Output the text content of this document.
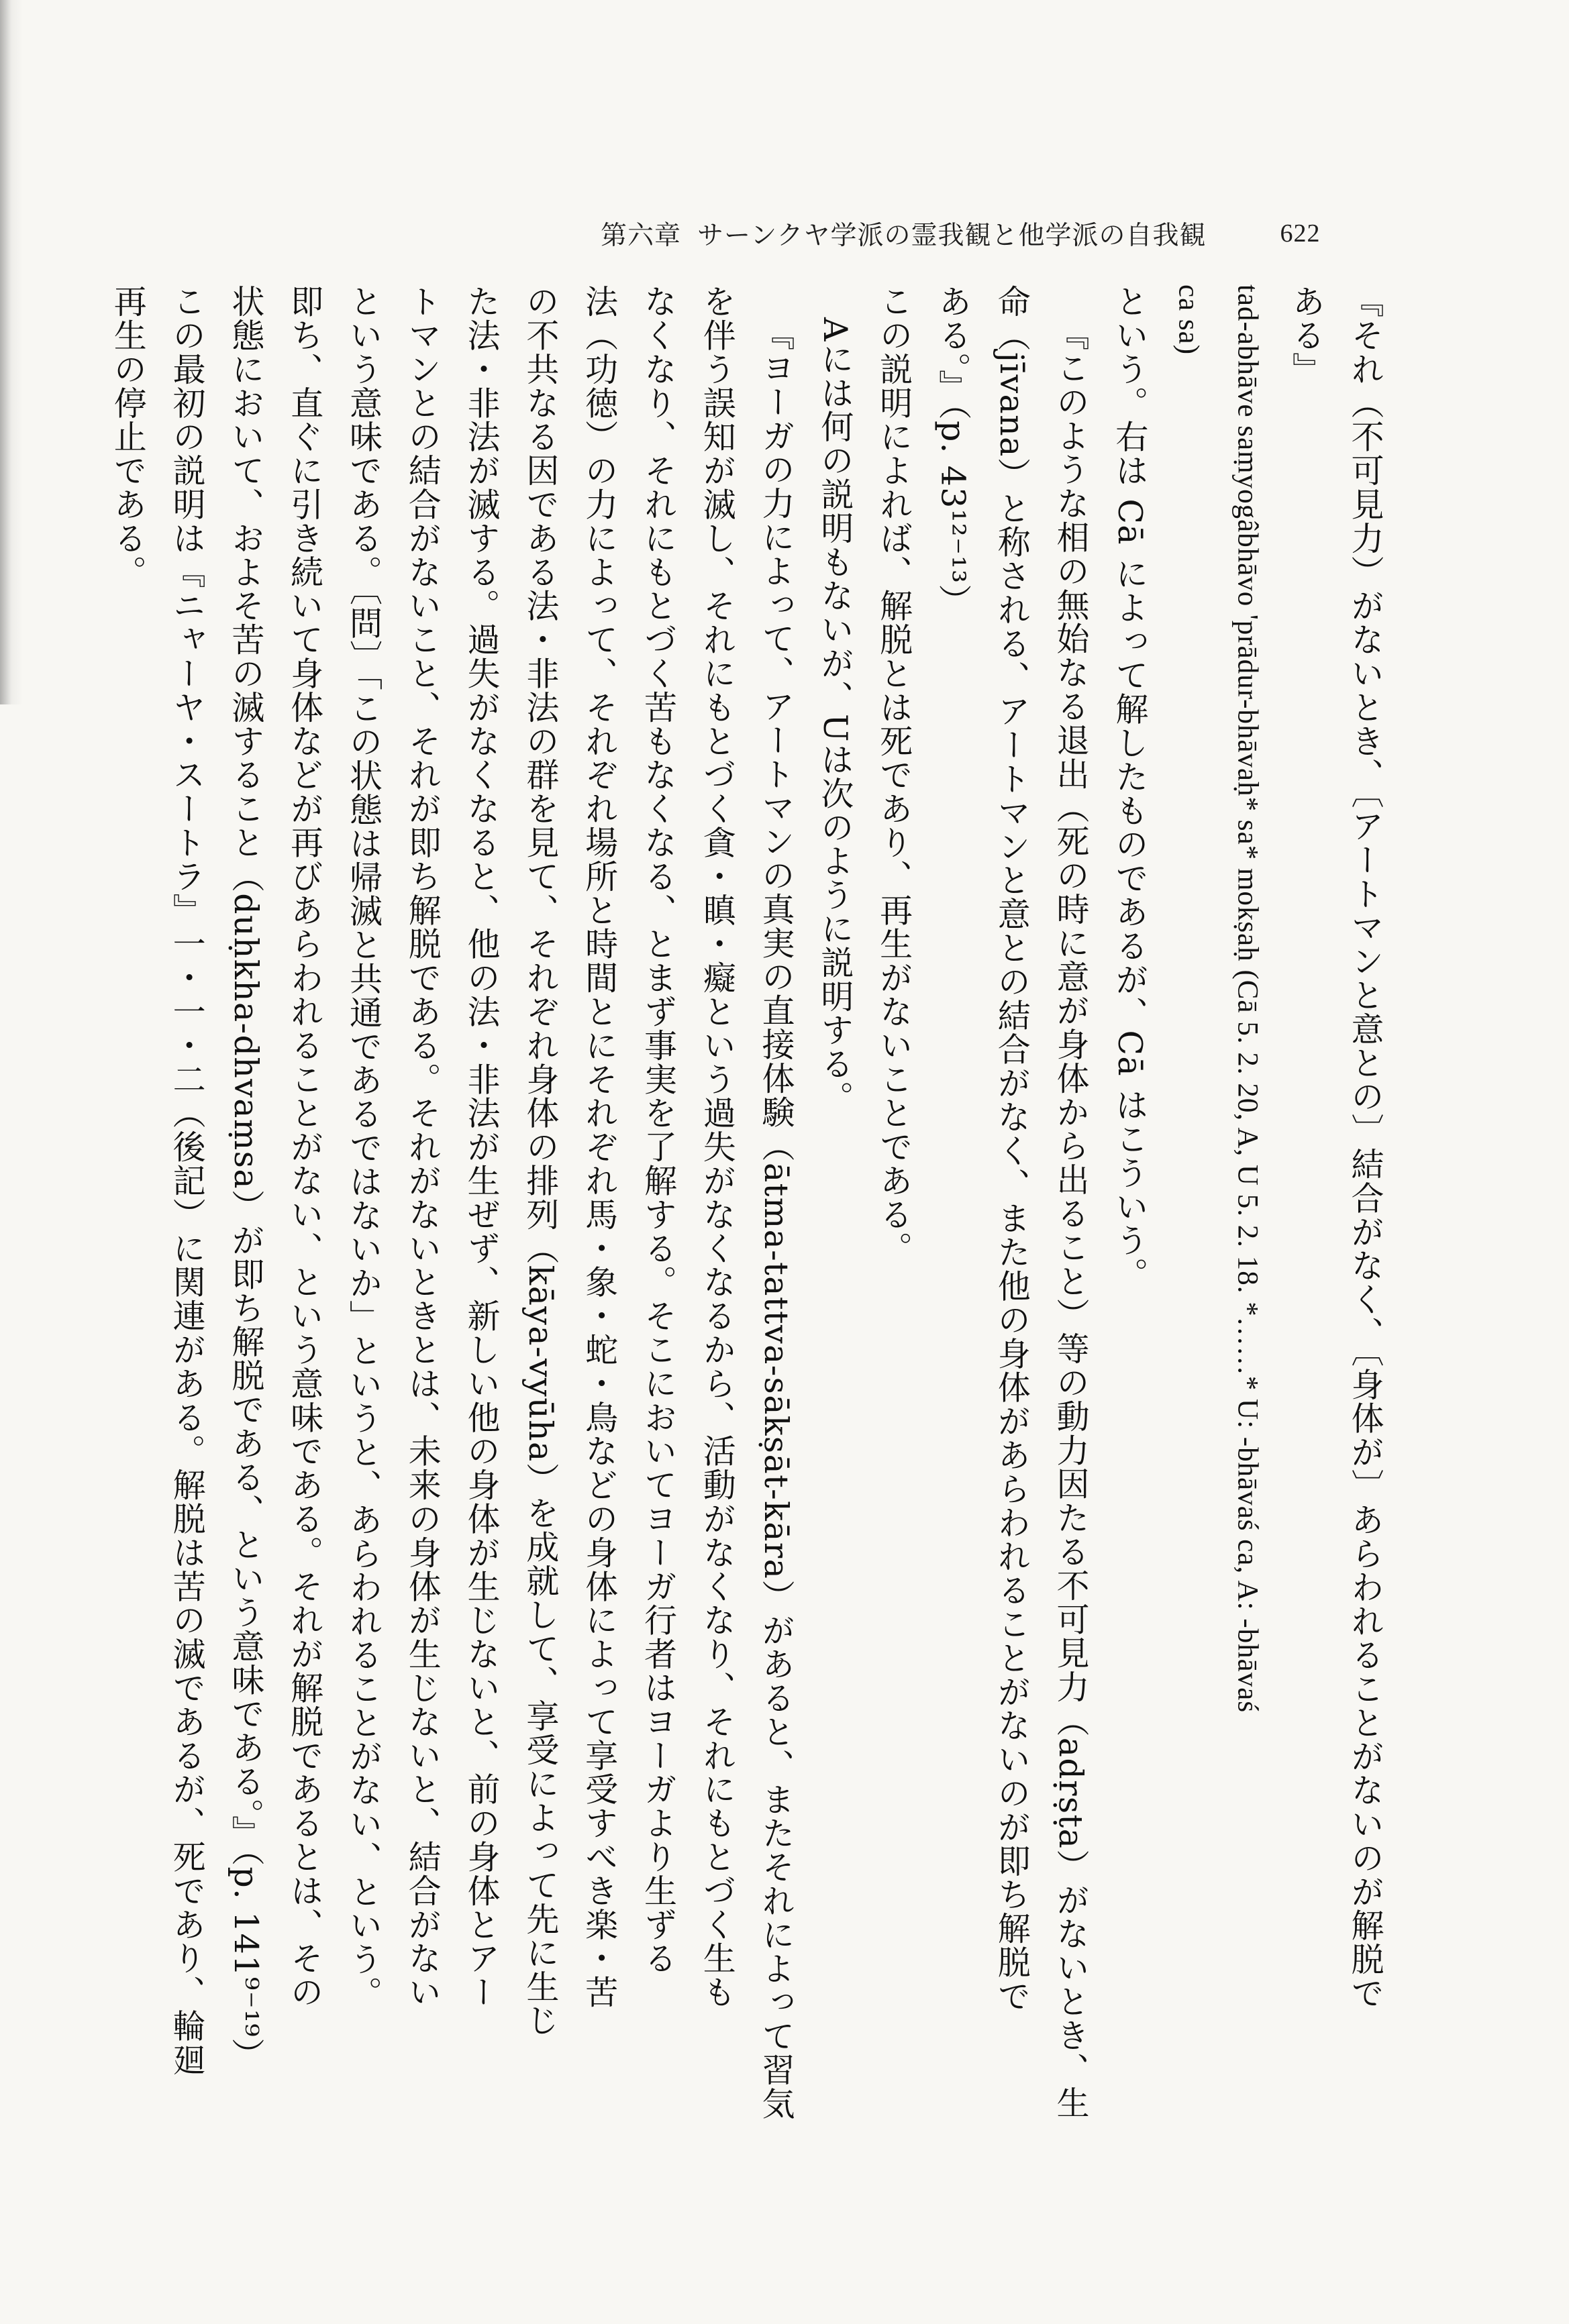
第六章 サーンクヤ学派の霊我観と他学派の自我観	622
『それ（不可見力）がないとき、〔アートマンと意との〕結合がなく、〔身体が〕あらわれることがないのが解脱で
ある』
tad-abhāve saṃyogâbhāvo 'prādur-bhāvaḥ* sa* mokṣaḥ (Cā 5. 2. 20, A, U 5. 2. 18. *……* U: -bhāvaś ca, A: -bhāvaś
ca sa)
という。右は Cā によって解したものであるが、Cā はこういう。
『このような相の無始なる退出（死の時に意が身体から出ること）等の動力因たる不可見力（adṛṣṭa）がないとき、生
命（jīvana）と称される、アートマンと意との結合がなく、また他の身体があらわれることがないのが即ち解脱で
ある。』（p. 43¹²⁻¹³）
この説明によれば、解脱とは死であり、再生がないことである。
Aには何の説明もないが、Uは次のように説明する。
『ヨーガの力によって、アートマンの真実の直接体験（ātma-tattva-sākṣāt-kāra）があると、またそれによって習気
を伴う誤知が滅し、それにもとづく貪・瞋・癡という過失がなくなるから、活動がなくなり、それにもとづく生も
なくなり、それにもとづく苦もなくなる、とまず事実を了解する。そこにおいてヨーガ行者はヨーガより生ずる
法（功徳）の力によって、それぞれ場所と時間とにそれぞれ馬・象・蛇・鳥などの身体によって享受すべき楽・苦
の不共なる因である法・非法の群を見て、それぞれ身体の排列（kāya-vyūha）を成就して、享受によって先に生じ
た法・非法が滅する。過失がなくなると、他の法・非法が生ぜず、新しい他の身体が生じないと、前の身体とアー
トマンとの結合がないこと、それが即ち解脱である。それがないときとは、未来の身体が生じないと、結合がない
という意味である。〔問〕「この状態は帰滅と共通であるではないか」というと、あらわれることがない、という。
即ち、直ぐに引き続いて身体などが再びあらわれることがない、という意味である。それが解脱であるとは、その
状態において、およそ苦の滅すること（duḥkha-dhvaṃsa）が即ち解脱である、という意味である。』（p. 141⁹⁻¹⁹）
この最初の説明は『ニャーヤ・スートラ』一・一・二（後記）に関連がある。解脱は苦の滅であるが、死であり、輪廻
再生の停止である。
